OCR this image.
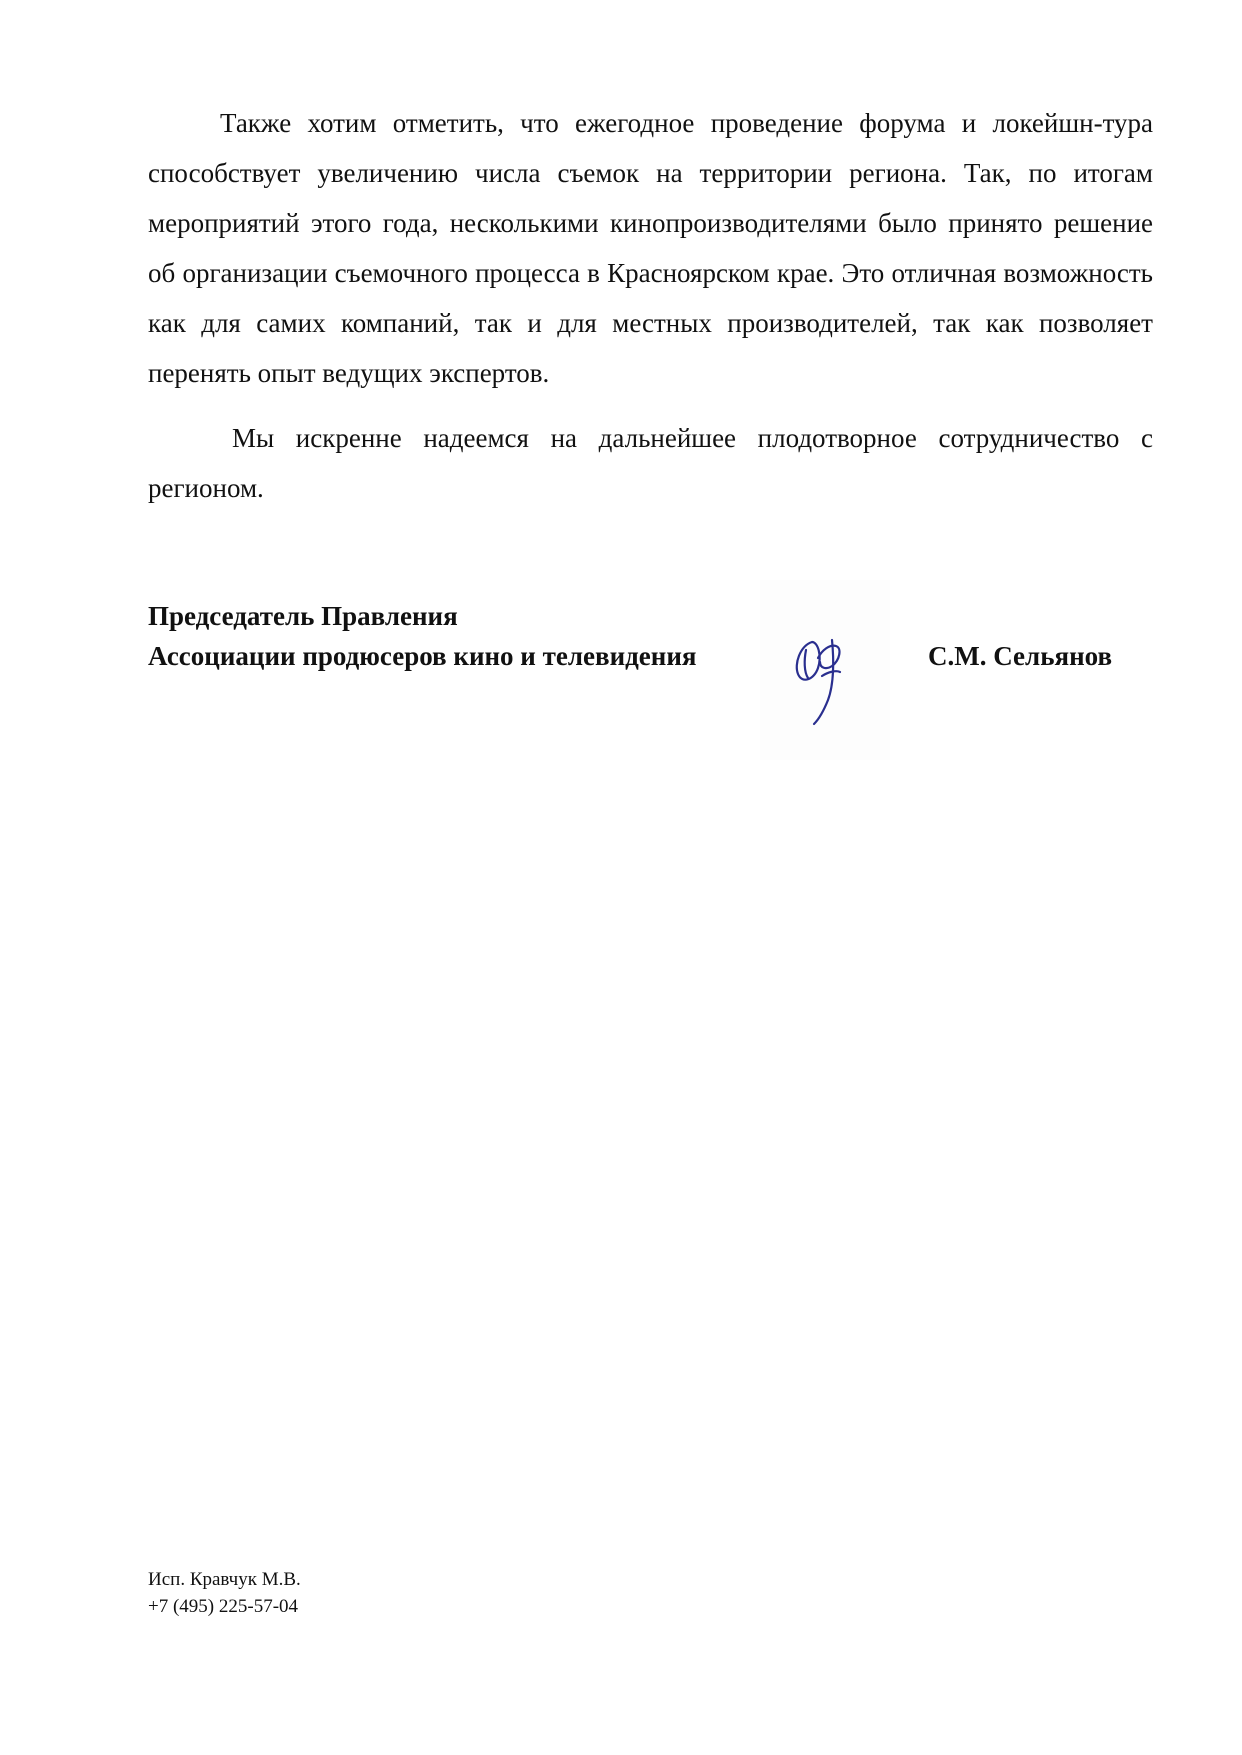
Также хотим отметить, что ежегодное проведение форума и локейшн-тура способствует увеличению числа съемок на территории региона. Так, по итогам мероприятий этого года, несколькими кинопроизводителями было принято решение об организации съемочного процесса в Красноярском крае. Это отличная возможность как для самих компаний, так и для местных производителей, так как позволяет перенять опыт ведущих экспертов.

Мы искренне надеемся на дальнейшее плодотворное сотрудничество с регионом.

Председатель Правления
Ассоциации продюсеров кино и телевидения	С.М. Сельянов
Исп. Кравчук М.В.
+7 (495) 225-57-04
